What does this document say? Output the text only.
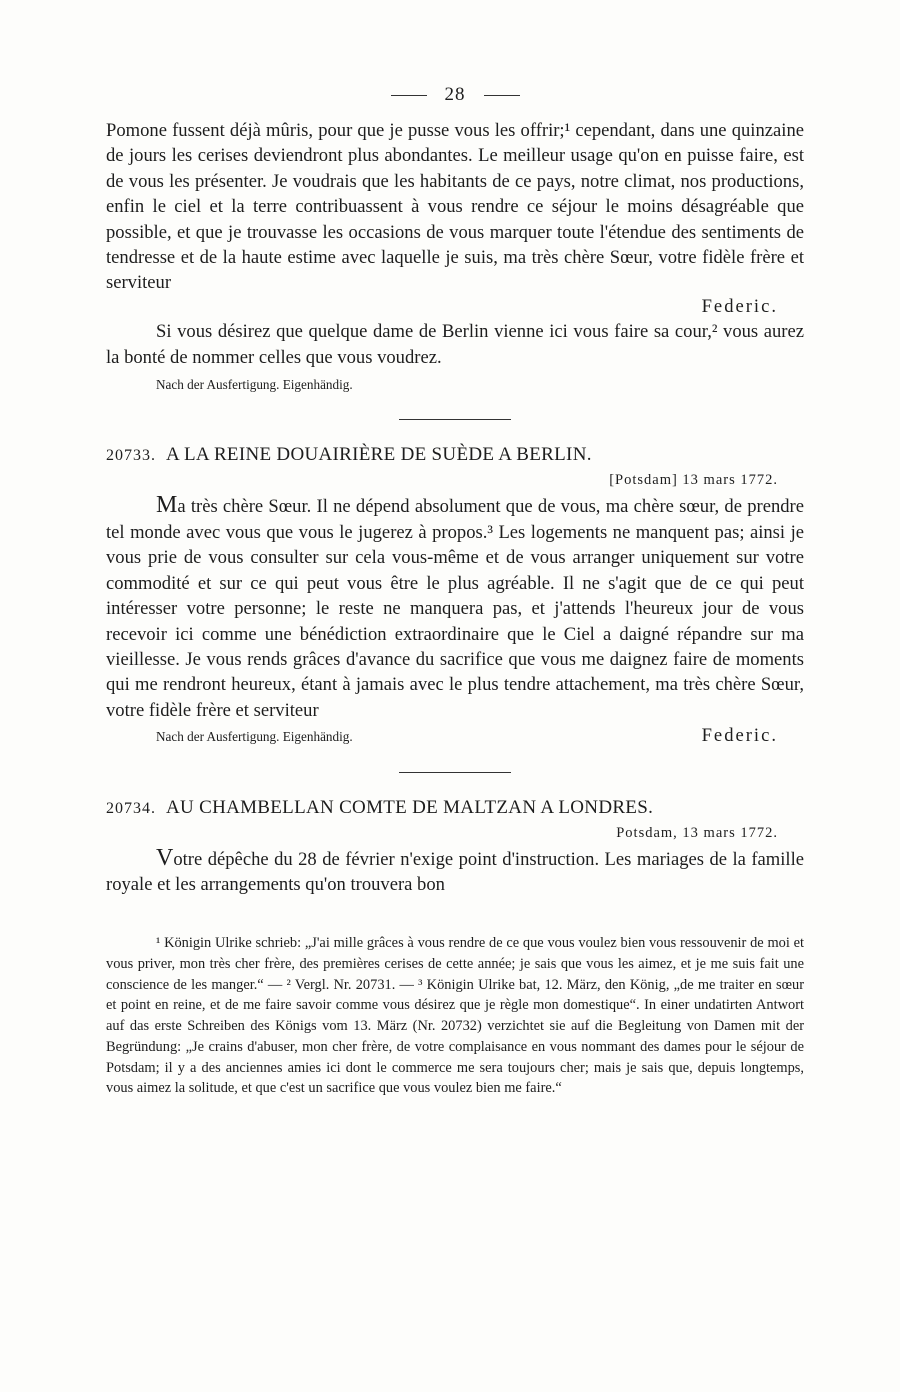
28

Pomone fussent déjà mûris, pour que je pusse vous les offrir;¹ cependant, dans une quinzaine de jours les cerises deviendront plus abondantes. Le meilleur usage qu'on en puisse faire, est de vous les présenter. Je voudrais que les habitants de ce pays, notre climat, nos productions, enfin le ciel et la terre contribuassent à vous rendre ce séjour le moins désagréable que possible, et que je trouvasse les occasions de vous marquer toute l'étendue des sentiments de tendresse et de la haute estime avec laquelle je suis, ma très chère Sœur, votre fidèle frère et serviteur

Federic.

Si vous désirez que quelque dame de Berlin vienne ici vous faire sa cour,² vous aurez la bonté de nommer celles que vous voudrez.

Nach der Ausfertigung. Eigenhändig.

20733. A LA REINE DOUAIRIÈRE DE SUÈDE A BERLIN.

[Potsdam] 13 mars 1772.

Ma très chère Sœur. Il ne dépend absolument que de vous, ma chère sœur, de prendre tel monde avec vous que vous le jugerez à propos.³ Les logements ne manquent pas; ainsi je vous prie de vous consulter sur cela vous-même et de vous arranger uniquement sur votre commodité et sur ce qui peut vous être le plus agréable. Il ne s'agit que de ce qui peut intéresser votre personne; le reste ne manquera pas, et j'attends l'heureux jour de vous recevoir ici comme une bénédiction extraordinaire que le Ciel a daigné répandre sur ma vieillesse. Je vous rends grâces d'avance du sacrifice que vous me daignez faire de moments qui me rendront heureux, étant à jamais avec le plus tendre attachement, ma très chère Sœur, votre fidèle frère et serviteur

Nach der Ausfertigung. Eigenhändig.	Federic.

20734. AU CHAMBELLAN COMTE DE MALTZAN A LONDRES.

Potsdam, 13 mars 1772.

Votre dépêche du 28 de février n'exige point d'instruction. Les mariages de la famille royale et les arrangements qu'on trouvera bon

¹ Königin Ulrike schrieb: „J'ai mille grâces à vous rendre de ce que vous voulez bien vous ressouvenir de moi et vous priver, mon très cher frère, des premières cerises de cette année; je sais que vous les aimez, et je me suis fait une conscience de les manger.“ — ² Vergl. Nr. 20731. — ³ Königin Ulrike bat, 12. März, den König, „de me traiter en sœur et point en reine, et de me faire savoir comme vous désirez que je règle mon domestique“. In einer undatirten Antwort auf das erste Schreiben des Königs vom 13. März (Nr. 20732) verzichtet sie auf die Begleitung von Damen mit der Begründung: „Je crains d'abuser, mon cher frère, de votre complaisance en vous nommant des dames pour le séjour de Potsdam; il y a des anciennes amies ici dont le commerce me sera toujours cher; mais je sais que, depuis longtemps, vous aimez la solitude, et que c'est un sacrifice que vous voulez bien me faire.“
